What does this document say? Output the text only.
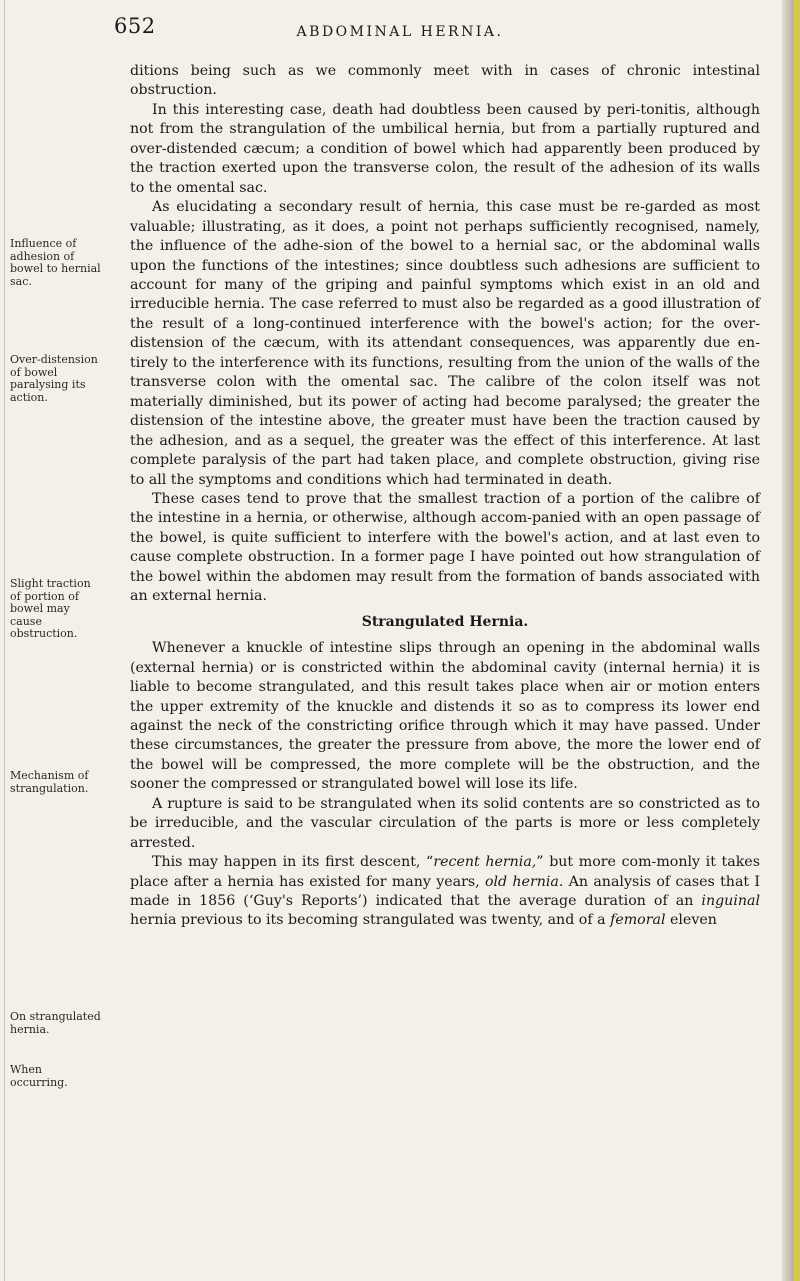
652	ABDOMINAL HERNIA.
Influence of adhesion of bowel to hernial sac.
Over-distension of bowel paralysing its action.
Slight traction of portion of bowel may cause obstruction.
Mechanism of strangulation.
On strangulated hernia.
When occurring.

ditions being such as we commonly meet with in cases of chronic intestinal obstruction.

In this interesting case, death had doubtless been caused by peri-tonitis, although not from the strangulation of the umbilical hernia, but from a partially ruptured and over-distended cæcum; a condition of bowel which had apparently been produced by the traction exerted upon the transverse colon, the result of the adhesion of its walls to the omental sac.

As elucidating a secondary result of hernia, this case must be re-garded as most valuable; illustrating, as it does, a point not perhaps sufficiently recognised, namely, the influence of the adhe-sion of the bowel to a hernial sac, or the abdominal walls upon the functions of the intestines; since doubtless such adhesions are sufficient to account for many of the griping and painful symptoms which exist in an old and irreducible hernia. The case referred to must also be regarded as a good illustration of the result of a long-continued interference with the bowel's action; for the over-distension of the cæcum, with its attendant consequences, was apparently due en-tirely to the interference with its functions, resulting from the union of the walls of the transverse colon with the omental sac. The calibre of the colon itself was not materially diminished, but its power of acting had become paralysed; the greater the distension of the intestine above, the greater must have been the traction caused by the adhesion, and as a sequel, the greater was the effect of this interference. At last complete paralysis of the part had taken place, and complete obstruction, giving rise to all the symptoms and conditions which had terminated in death.

These cases tend to prove that the smallest traction of a portion of the calibre of the intestine in a hernia, or otherwise, although accom-panied with an open passage of the bowel, is quite sufficient to interfere with the bowel's action, and at last even to cause complete obstruction. In a former page I have pointed out how strangulation of the bowel within the abdomen may result from the formation of bands associated with an external hernia.

Strangulated Hernia.

Whenever a knuckle of intestine slips through an opening in the abdominal walls (external hernia) or is constricted within the abdominal cavity (internal hernia) it is liable to become strangulated, and this result takes place when air or motion enters the upper extremity of the knuckle and distends it so as to compress its lower end against the neck of the constricting orifice through which it may have passed. Under these circumstances, the greater the pressure from above, the more the lower end of the bowel will be compressed, the more complete will be the obstruction, and the sooner the compressed or strangulated bowel will lose its life.

A rupture is said to be strangulated when its solid contents are so constricted as to be irreducible, and the vascular circulation of the parts is more or less completely arrested.

This may happen in its first descent, “recent hernia,” but more com-monly it takes place after a hernia has existed for many years, old hernia. An analysis of cases that I made in 1856 (‘Guy's Reports’) indicated that the average duration of an inguinal hernia previous to its becoming strangulated was twenty, and of a femoral eleven
